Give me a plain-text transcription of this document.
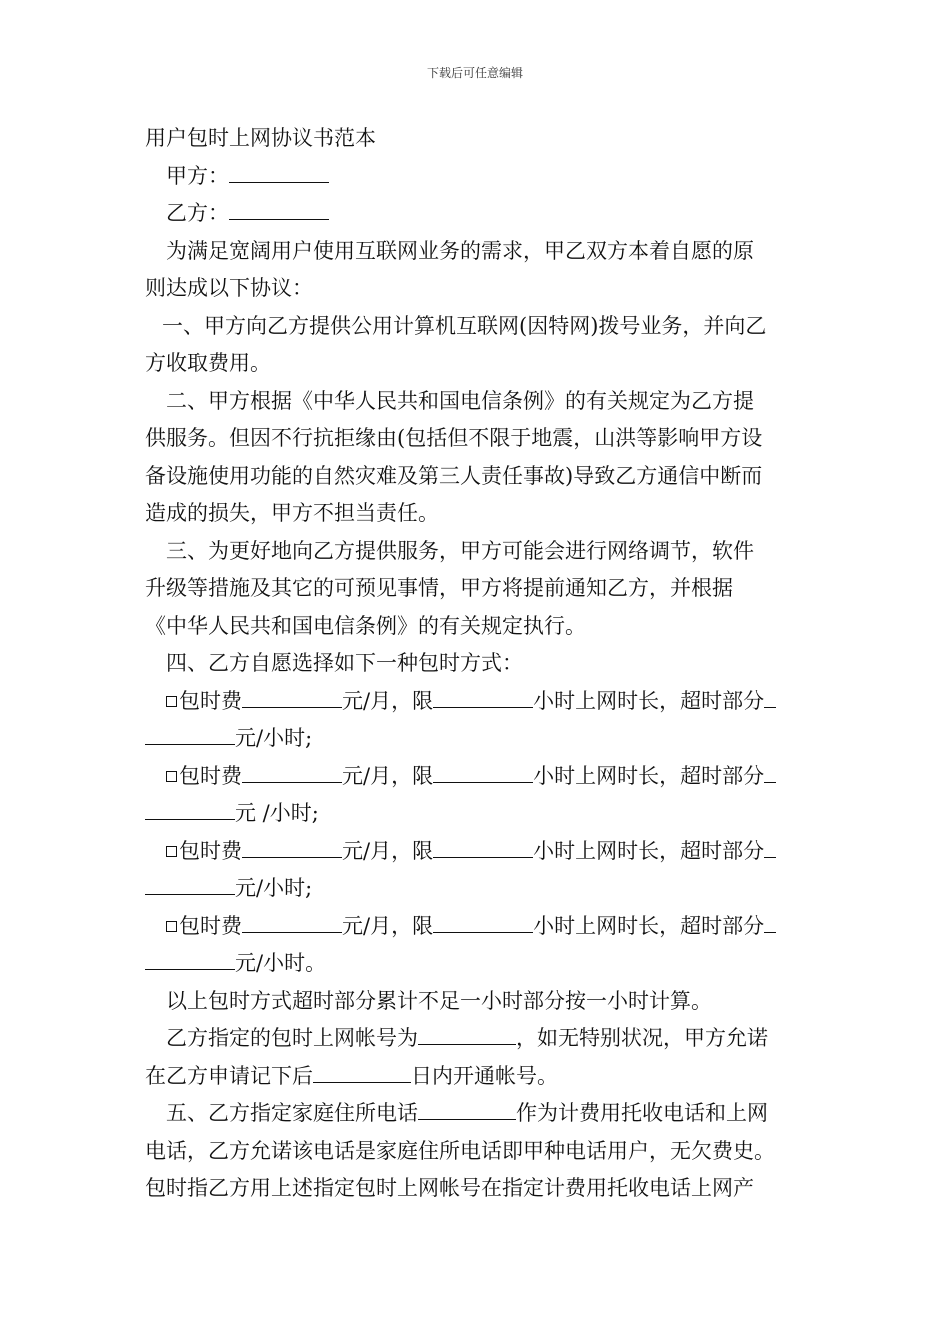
下载后可任意编辑
用户包时上网协议书范本
甲方：
乙方：
为满足宽阔用户使用互联网业务的需求，甲乙双方本着自愿的原
则达成以下协议：
一、甲方向乙方提供公用计算机互联网(因特网)拨号业务，并向乙
方收取费用。
二、甲方根据《中华人民共和国电信条例》的有关规定为乙方提
供服务。但因不行抗拒缘由(包括但不限于地震，山洪等影响甲方设
备设施使用功能的自然灾难及第三人责任事故)导致乙方通信中断而
造成的损失，甲方不担当责任。
三、为更好地向乙方提供服务，甲方可能会进行网络调节，软件
升级等措施及其它的可预见事情，甲方将提前通知乙方，并根据
《中华人民共和国电信条例》的有关规定执行。
四、乙方自愿选择如下一种包时方式：
包时费	元/月，限	小时上网时长，超时部分
元/小时;
包时费	元/月，限	小时上网时长，超时部分
元 /小时;
包时费	元/月，限	小时上网时长，超时部分
元/小时;
包时费	元/月，限	小时上网时长，超时部分
元/小时。
以上包时方式超时部分累计不足一小时部分按一小时计算。
乙方指定的包时上网帐号为	，如无特别状况，甲方允诺
在乙方申请记下后	日内开通帐号。
五、乙方指定家庭住所电话	作为计费用托收电话和上网
电话，乙方允诺该电话是家庭住所电话即甲种电话用户，无欠费史。
包时指乙方用上述指定包时上网帐号在指定计费用托收电话上网产
